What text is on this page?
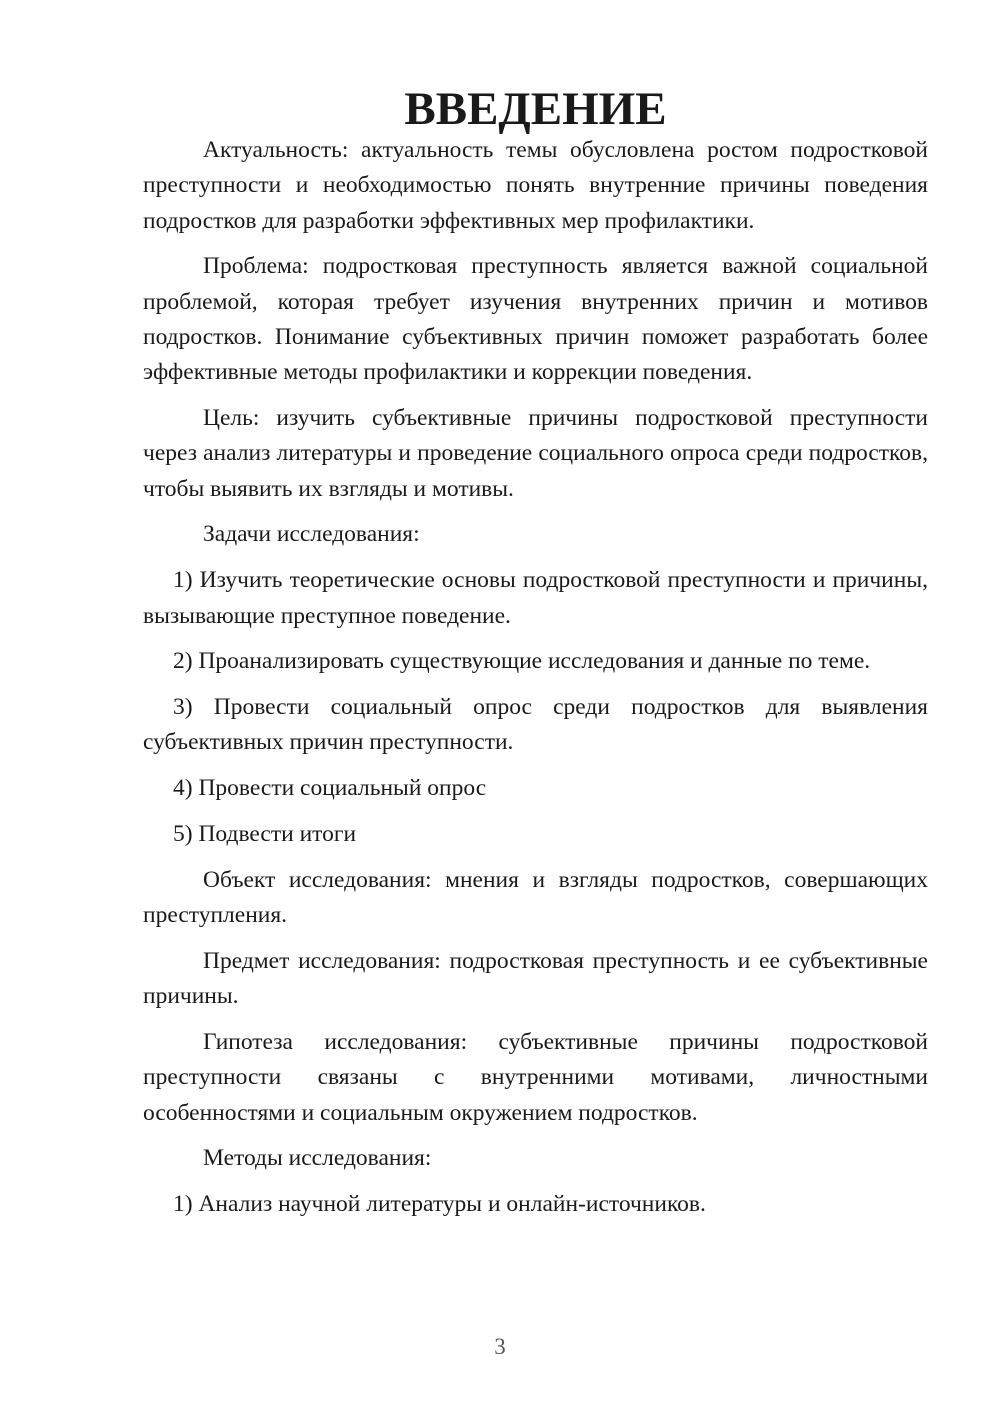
ВВЕДЕНИЕ

Актуальность: актуальность темы обусловлена ростом подростковой преступности и необходимостью понять внутренние причины поведения подростков для разработки эффективных мер профилактики.

Проблема: подростковая преступность является важной социальной проблемой, которая требует изучения внутренних причин и мотивов подростков. Понимание субъективных причин поможет разработать более эффективные методы профилактики и коррекции поведения.

Цель: изучить субъективные причины подростковой преступности через анализ литературы и проведение социального опроса среди подростков, чтобы выявить их взгляды и мотивы.

Задачи исследования:

1) Изучить теоретические основы подростковой преступности и причины, вызывающие преступное поведение.

2) Проанализировать существующие исследования и данные по теме.

3) Провести социальный опрос среди подростков для выявления субъективных причин преступности.

4) Провести социальный опрос

5) Подвести итоги

Объект исследования: мнения и взгляды подростков, совершающих преступления.

Предмет исследования: подростковая преступность и ее субъективные причины.

Гипотеза исследования: субъективные причины подростковой преступности связаны с внутренними мотивами, личностными особенностями и социальным окружением подростков.

Методы исследования:

1) Анализ научной литературы и онлайн-источников.

3
